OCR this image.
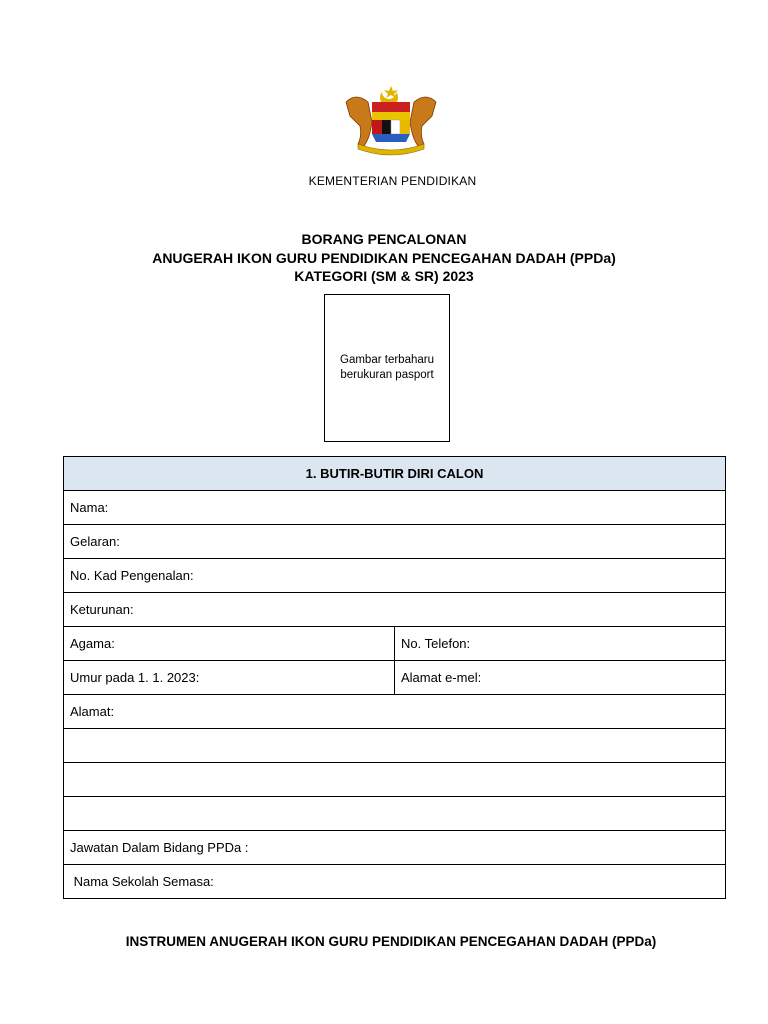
KEMENTERIAN PENDIDIKAN
BORANG PENCALONAN
ANUGERAH IKON GURU PENDIDIKAN PENCEGAHAN DADAH (PPDa)
KATEGORI (SM & SR) 2023
Gambar terbaharu
berukuran pasport
1. BUTIR-BUTIR DIRI CALON	
Nama:	
Gelaran:	
No. Kad Pengenalan:	
Keturunan:	
Agama:	No. Telefon:
Umur pada 1. 1. 2023:	Alamat e-mel:
Alamat:	

Jawatan Dalam Bidang PPDa :	
Nama Sekolah Semasa:	
INSTRUMEN ANUGERAH IKON GURU PENDIDIKAN PENCEGAHAN DADAH (PPDa)
